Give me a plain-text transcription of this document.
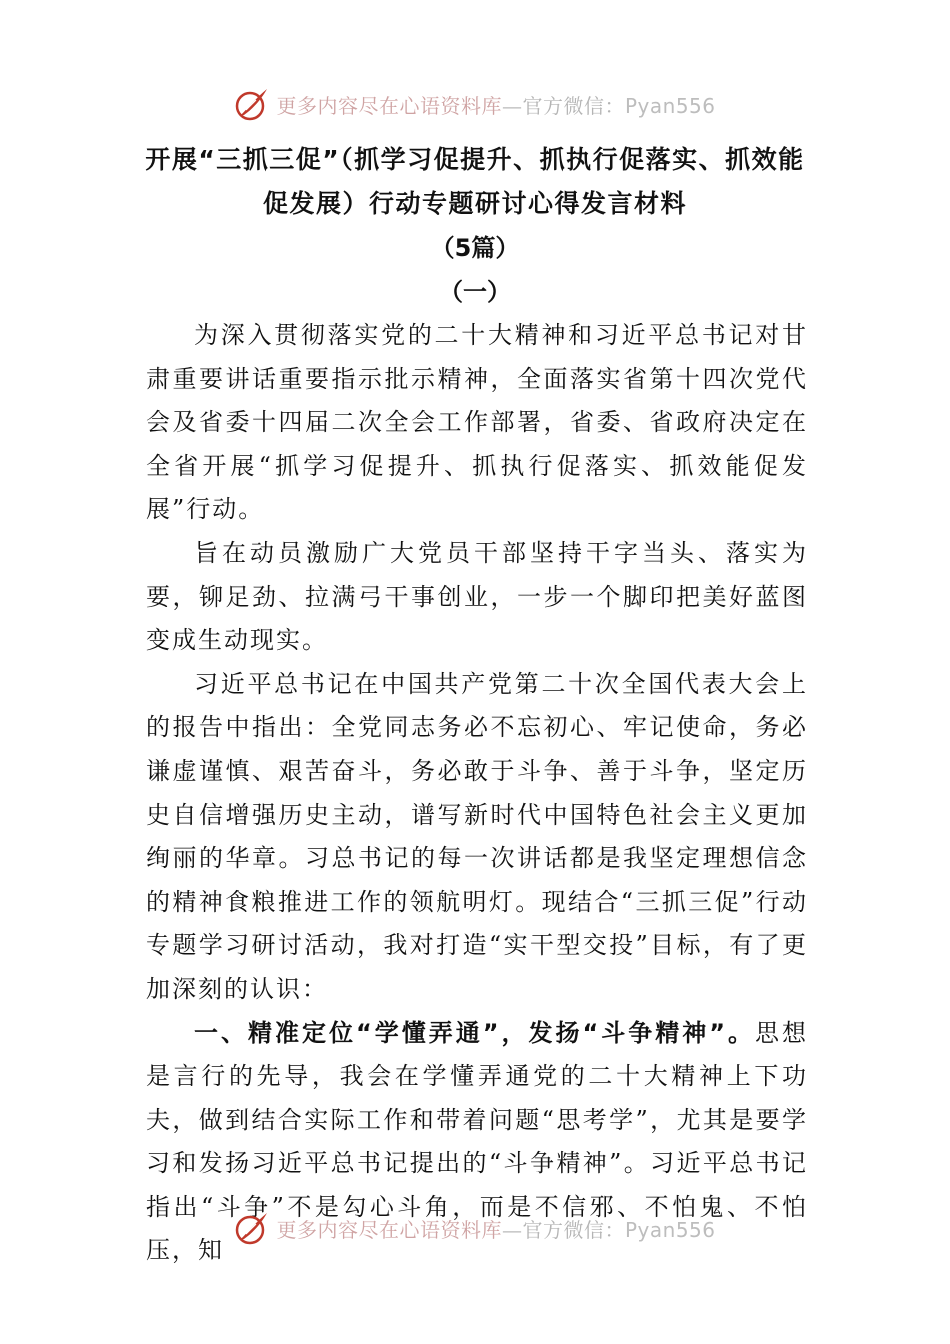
更多内容尽在心语资料库—官方微信：Pyan556
开展“三抓三促”（抓学习促提升、抓执行促落实、抓效能促发展）行动专题研讨心得发言材料
（5篇）
（一）

为深入贯彻落实党的二十大精神和习近平总书记对甘肃重要讲话重要指示批示精神，全面落实省第十四次党代会及省委十四届二次全会工作部署，省委、省政府决定在全省开展“抓学习促提升、抓执行促落实、抓效能促发展”行动。

旨在动员激励广大党员干部坚持干字当头、落实为要，铆足劲、拉满弓干事创业，一步一个脚印把美好蓝图变成生动现实。

习近平总书记在中国共产党第二十次全国代表大会上的报告中指出：全党同志务必不忘初心、牢记使命，务必谦虚谨慎、艰苦奋斗，务必敢于斗争、善于斗争，坚定历史自信增强历史主动，谱写新时代中国特色社会主义更加绚丽的华章。习总书记的每一次讲话都是我坚定理想信念的精神食粮推进工作的领航明灯。现结合“三抓三促”行动专题学习研讨活动，我对打造“实干型交投”目标，有了更加深刻的认识：

一、精准定位“学懂弄通”，发扬“斗争精神”。思想是言行的先导，我会在学懂弄通党的二十大精神上下功夫，做到结合实际工作和带着问题“思考学”，尤其是要学习和发扬习近平总书记提出的“斗争精神”。习近平总书记指出“斗争”不是勾心斗角，而是不信邪、不怕鬼、不怕压，知

更多内容尽在心语资料库—官方微信：Pyan556
